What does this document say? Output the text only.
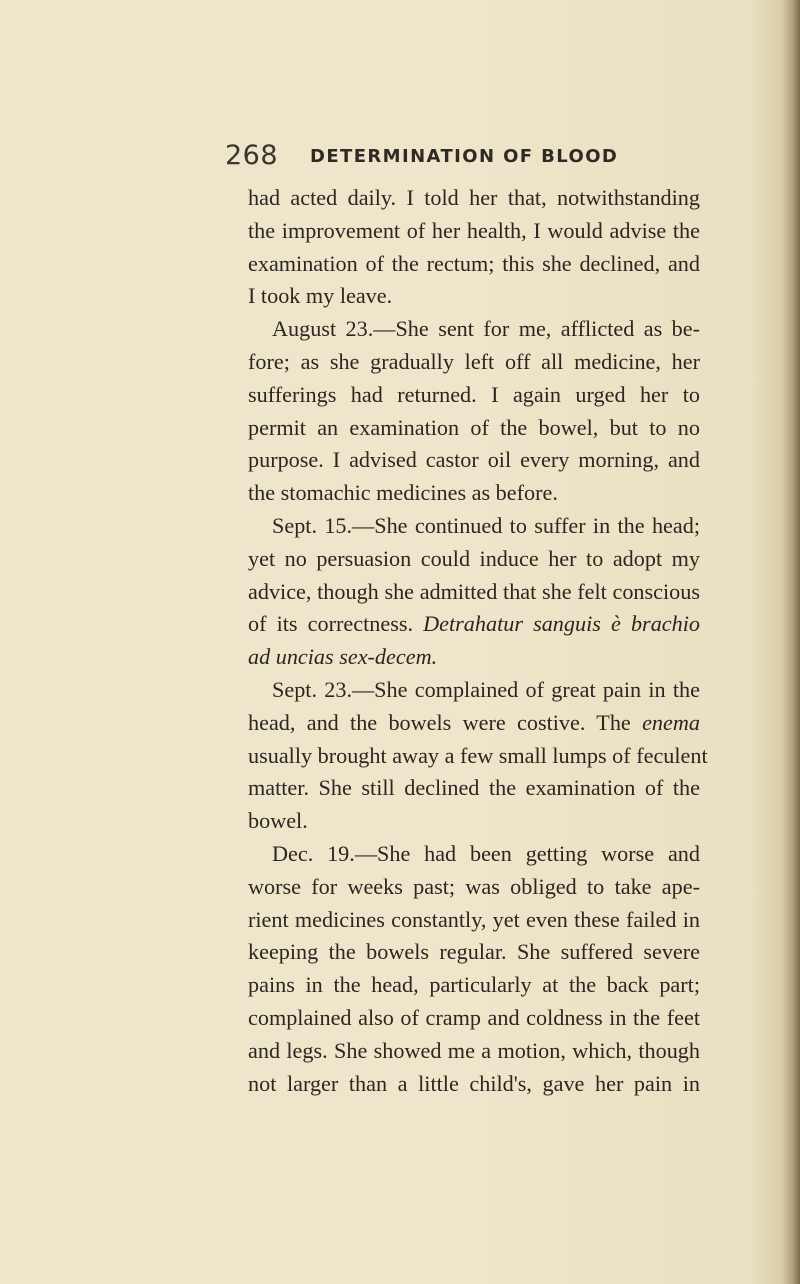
268 DETERMINATION OF BLOOD
had acted daily. I told her that, notwithstanding
the improvement of her health, I would advise the
examination of the rectum; this she declined, and
I took my leave.
August 23.—She sent for me, afflicted as be-
fore; as she gradually left off all medicine, her
sufferings had returned. I again urged her to
permit an examination of the bowel, but to no
purpose. I advised castor oil every morning, and
the stomachic medicines as before.
Sept. 15.—She continued to suffer in the head;
yet no persuasion could induce her to adopt my
advice, though she admitted that she felt conscious
of its correctness. Detrahatur sanguis è brachio
ad uncias sex-decem.
Sept. 23.—She complained of great pain in the
head, and the bowels were costive. The enema
usually brought away a few small lumps of feculent
matter. She still declined the examination of the
bowel.
Dec. 19.—She had been getting worse and
worse for weeks past; was obliged to take ape-
rient medicines constantly, yet even these failed in
keeping the bowels regular. She suffered severe
pains in the head, particularly at the back part;
complained also of cramp and coldness in the feet
and legs. She showed me a motion, which, though
not larger than a little child's, gave her pain in
